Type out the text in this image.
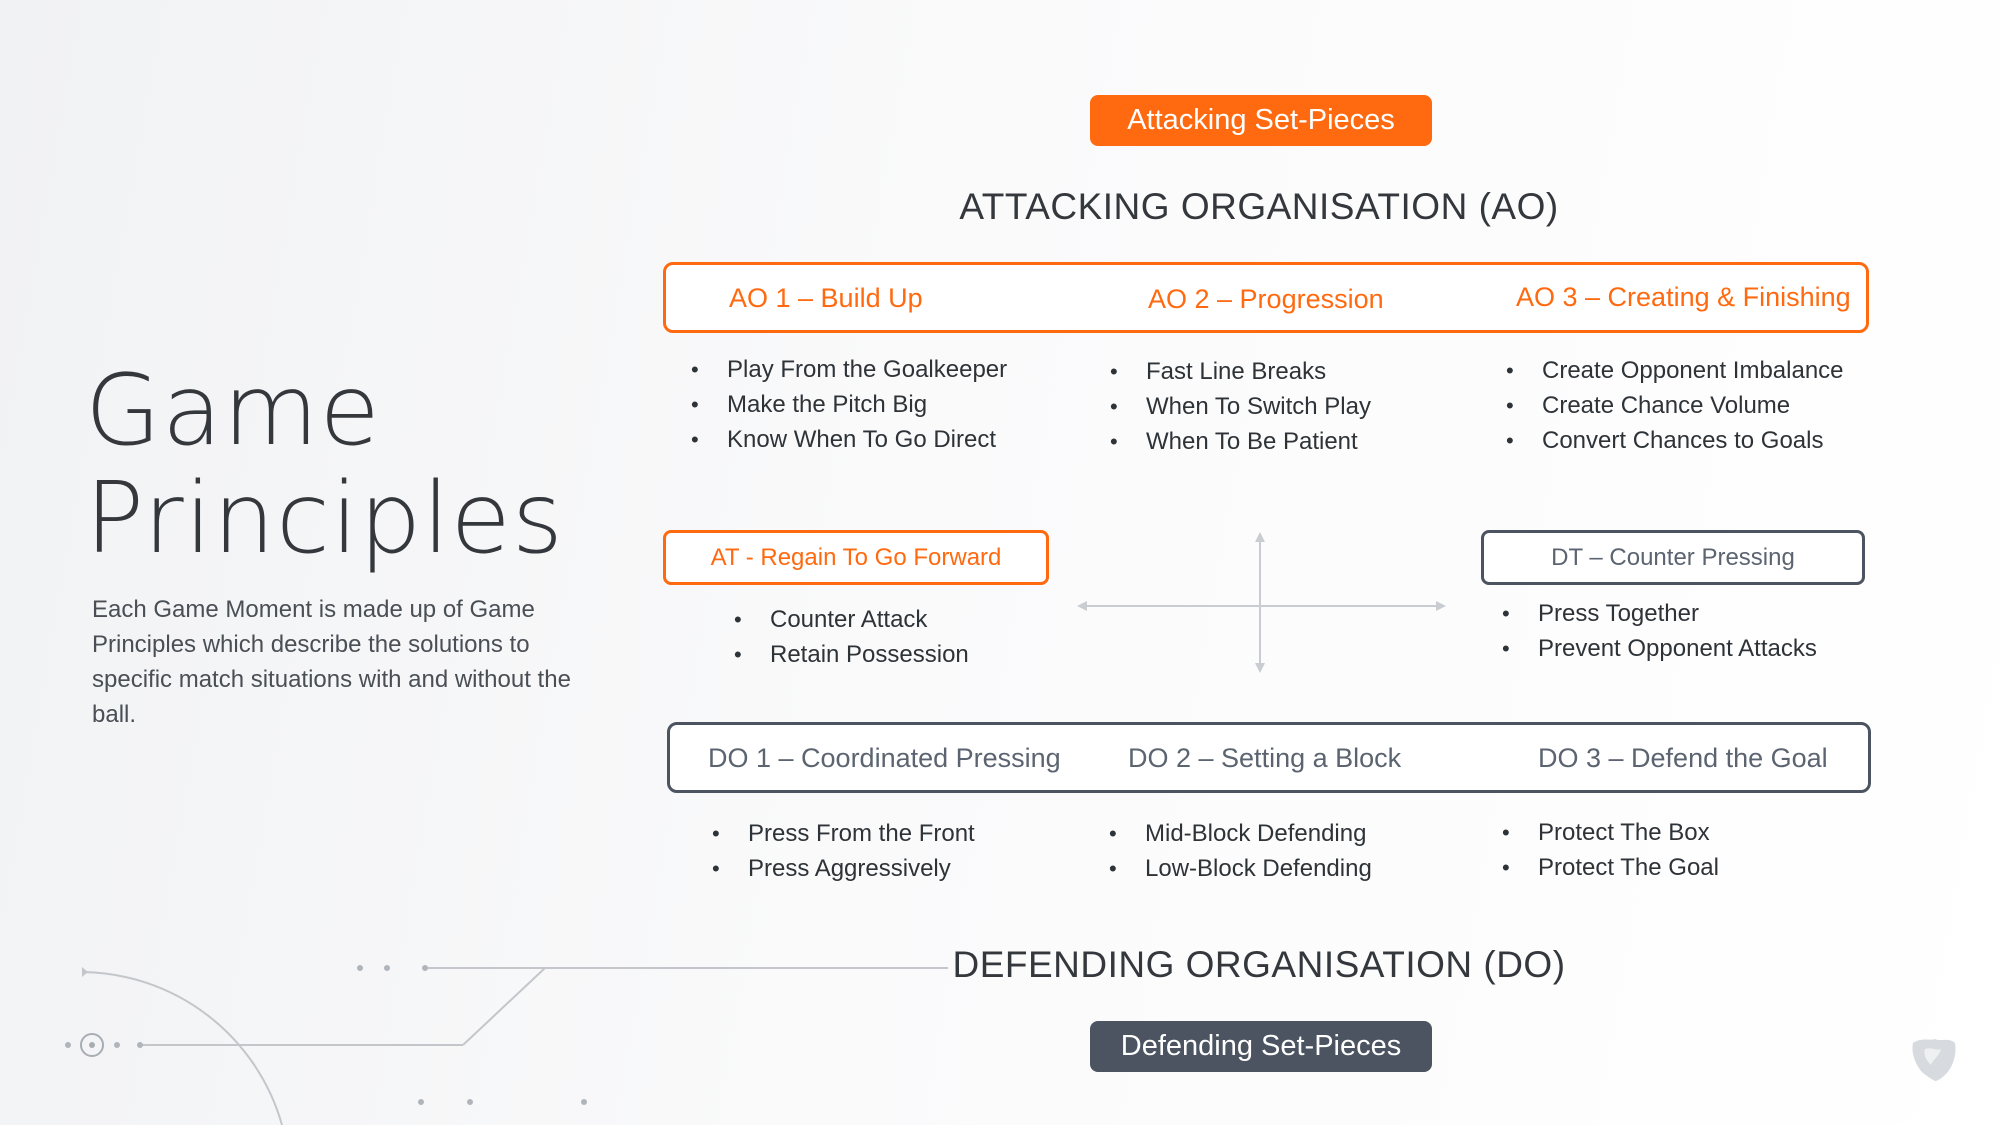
Game
Principles
Each Game Moment is made up of Game Principles which describe the solutions to specific match situations with and without the ball.
Attacking Set-Pieces
ATTACKING ORGANISATION (AO)
AO 1 – Build Up	AO 2 – Progression	AO 3 – Creating & Finishing
• Play From the Goalkeeper
• Make the Pitch Big
• Know When To Go Direct
• Fast Line Breaks
• When To Switch Play
• When To Be Patient
• Create Opponent Imbalance
• Create Chance Volume
• Convert Chances to Goals
AT - Regain To Go Forward
• Counter Attack
• Retain Possession
DT – Counter Pressing
• Press Together
• Prevent Opponent Attacks
DO 1 – Coordinated Pressing DO 2 – Setting a Block	DO 3 – Defend the Goal
• Press From the Front
• Press Aggressively
• Mid-Block Defending
• Low-Block Defending
• Protect The Box
• Protect The Goal
DEFENDING ORGANISATION (DO)
Defending Set-Pieces
